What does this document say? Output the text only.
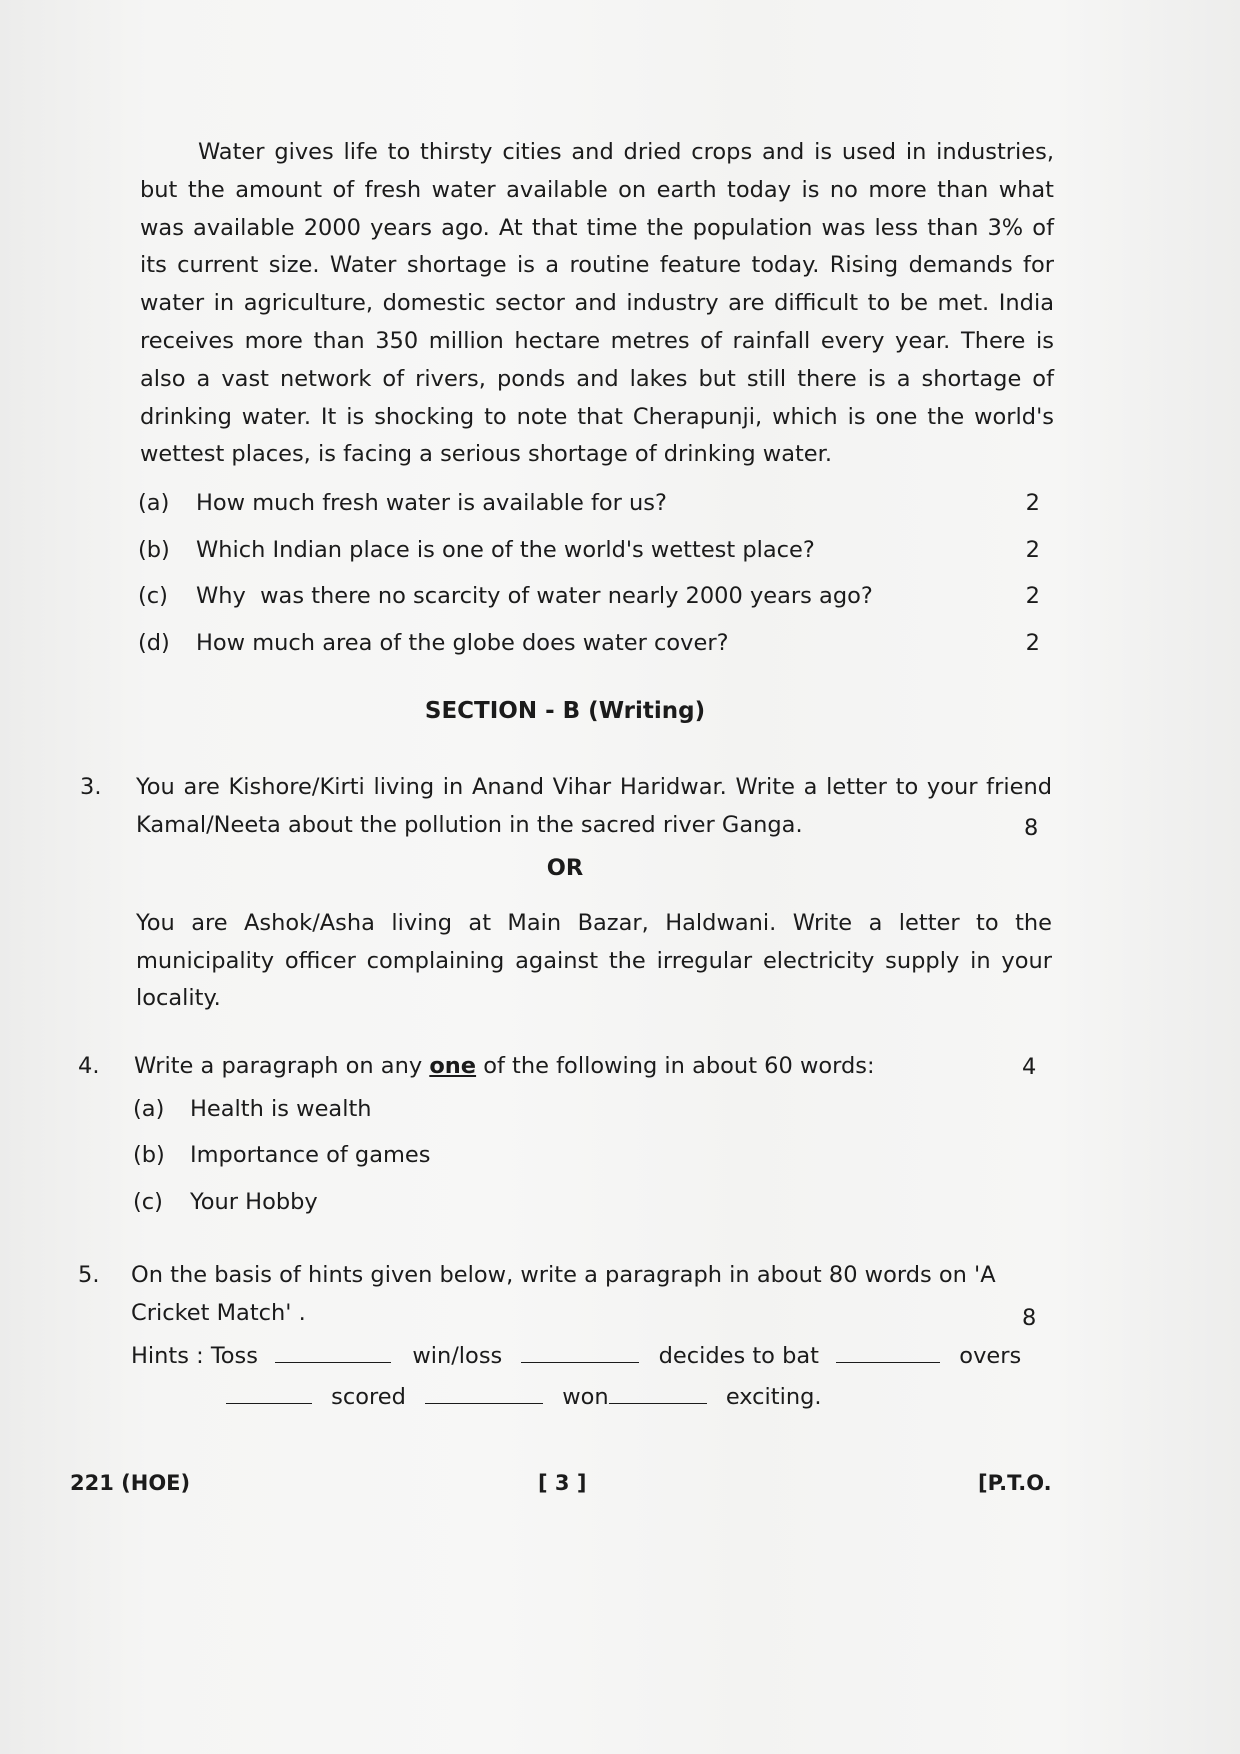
Water gives life to thirsty cities and dried crops and is used in industries, but the amount of fresh water available on earth today is no more than what was available 2000 years ago. At that time the population was less than 3% of its current size. Water shortage is a routine feature today. Rising demands for water in agriculture, domestic sector and industry are difficult to be met. India receives more than 350 million hectare metres of rainfall every year. There is also a vast network of rivers, ponds and lakes but still there is a shortage of drinking water. It is shocking to note that Cherapunji, which is one the world's wettest places, is facing a serious shortage of drinking water.

(a) How much fresh water is available for us?	2
(b) Which Indian place is one of the world's wettest place?	2
(c) Why  was there no scarcity of water nearly 2000 years ago?	2
(d) How much area of the globe does water cover?	2
SECTION - B (Writing)
3. You are Kishore/Kirti living in Anand Vihar Haridwar. Write a letter to your friend Kamal/Neeta about the pollution in the sacred river Ganga.	8
OR

You are Ashok/Asha living at Main Bazar, Haldwani. Write a letter to the municipality officer complaining against the irregular electricity supply in your locality.

4. Write a paragraph on any one of the following in about 60 words:	4
(a) Health is wealth
(b) Importance of games
(c) Your Hobby
5. On the basis of hints given below, write a paragraph in about 80 words on 'A
Cricket Match' .	8
Hints : Toss	win/loss	decides to bat	overs
scored	won	exciting.
221 (HOE)	[ 3 ]	[P.T.O.
